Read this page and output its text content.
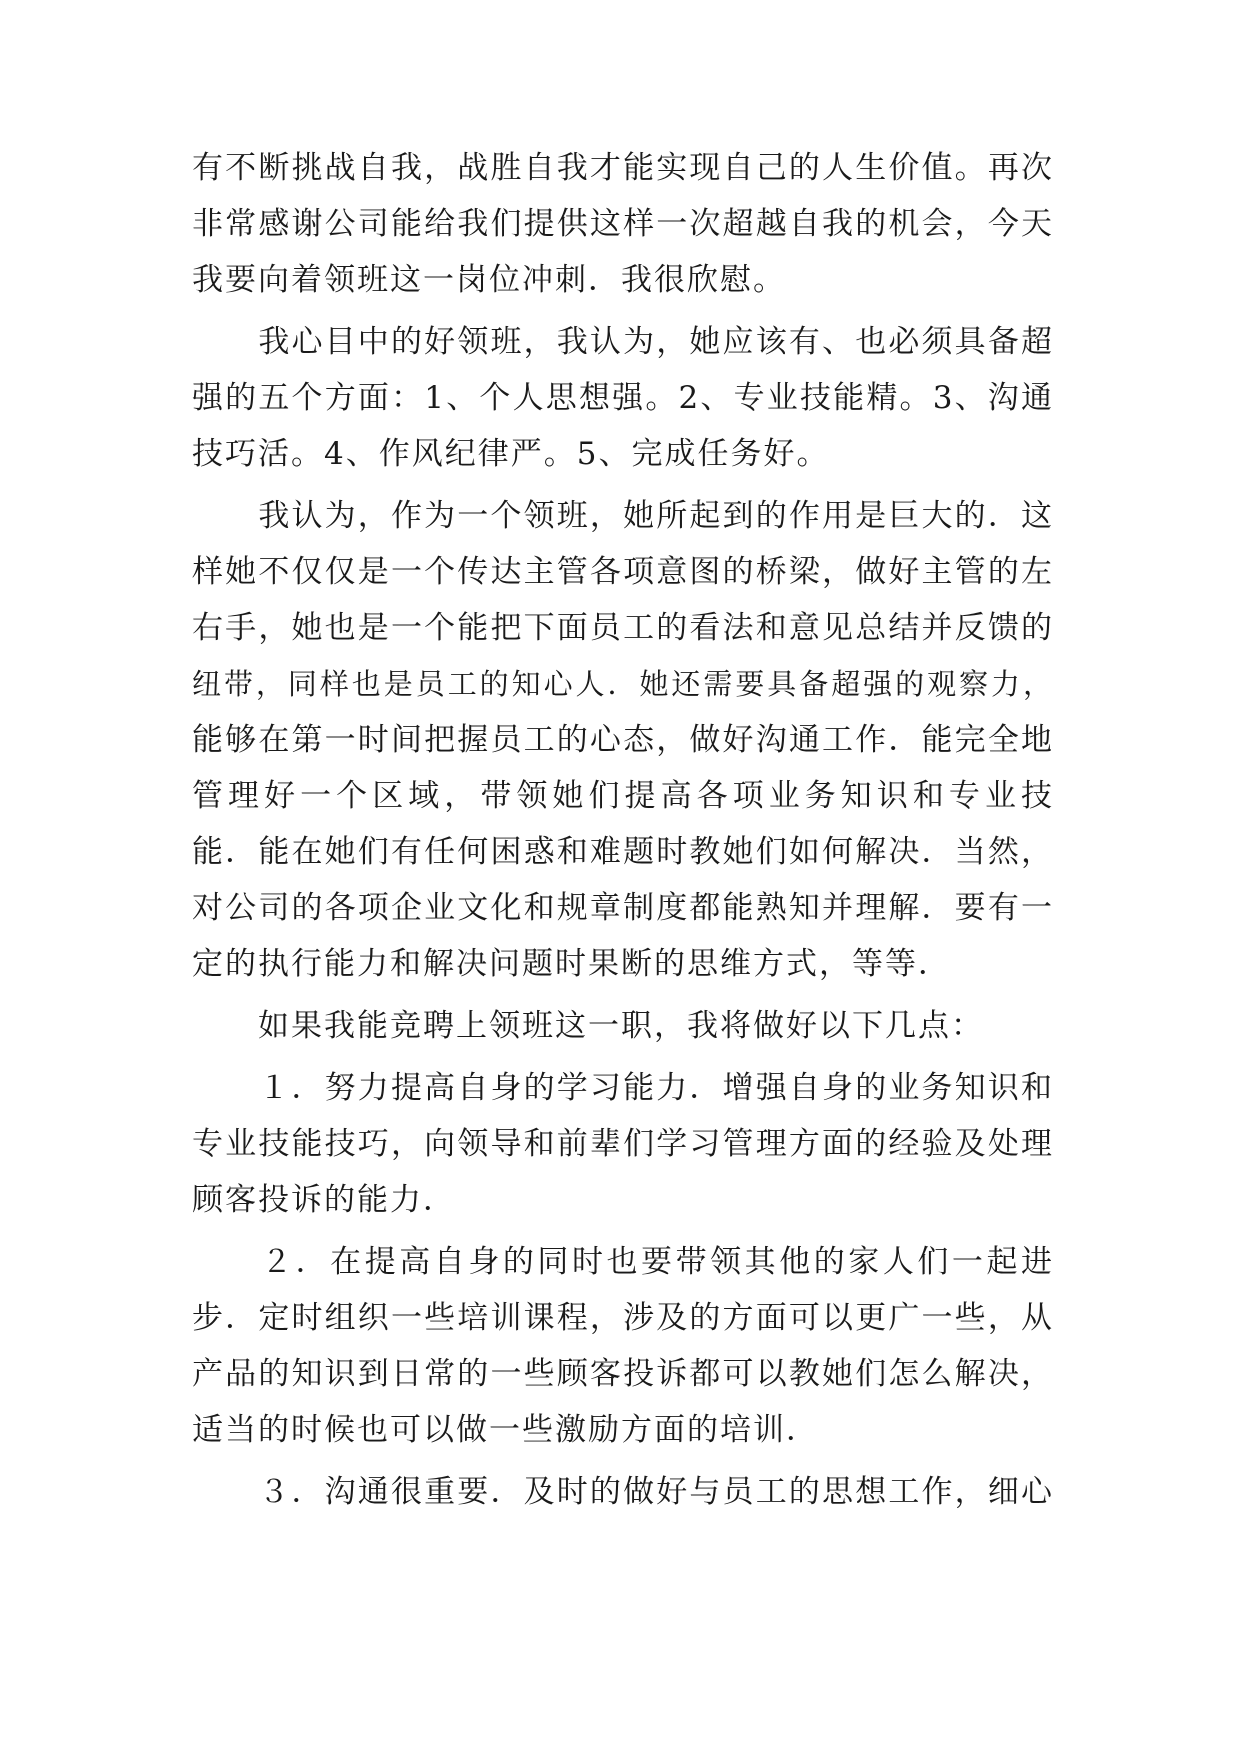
有不断挑战自我，战胜自我才能实现自己的人生价值。再次
非常感谢公司能给我们提供这样一次超越自我的机会，今天
我要向着领班这一岗位冲刺．我很欣慰。
　　我心目中的好领班，我认为，她应该有、也必须具备超
强的五个方面：1、个人思想强。2、专业技能精。3、沟通
技巧活。4、作风纪律严。5、完成任务好。
　　我认为，作为一个领班，她所起到的作用是巨大的．这
样她不仅仅是一个传达主管各项意图的桥梁，做好主管的左
右手，她也是一个能把下面员工的看法和意见总结并反馈的
纽带，同样也是员工的知心人．她还需要具备超强的观察力，
能够在第一时间把握员工的心态，做好沟通工作．能完全地
管理好一个区域，带领她们提高各项业务知识和专业技
能．能在她们有任何困惑和难题时教她们如何解决．当然，
对公司的各项企业文化和规章制度都能熟知并理解．要有一
定的执行能力和解决问题时果断的思维方式，等等．
　　如果我能竞聘上领班这一职，我将做好以下几点：
　　１．努力提高自身的学习能力．增强自身的业务知识和
专业技能技巧，向领导和前辈们学习管理方面的经验及处理
顾客投诉的能力．
　　２．在提高自身的同时也要带领其他的家人们一起进
步．定时组织一些培训课程，涉及的方面可以更广一些，从
产品的知识到日常的一些顾客投诉都可以教她们怎么解决，
适当的时候也可以做一些激励方面的培训．
　　３．沟通很重要．及时的做好与员工的思想工作，细心
